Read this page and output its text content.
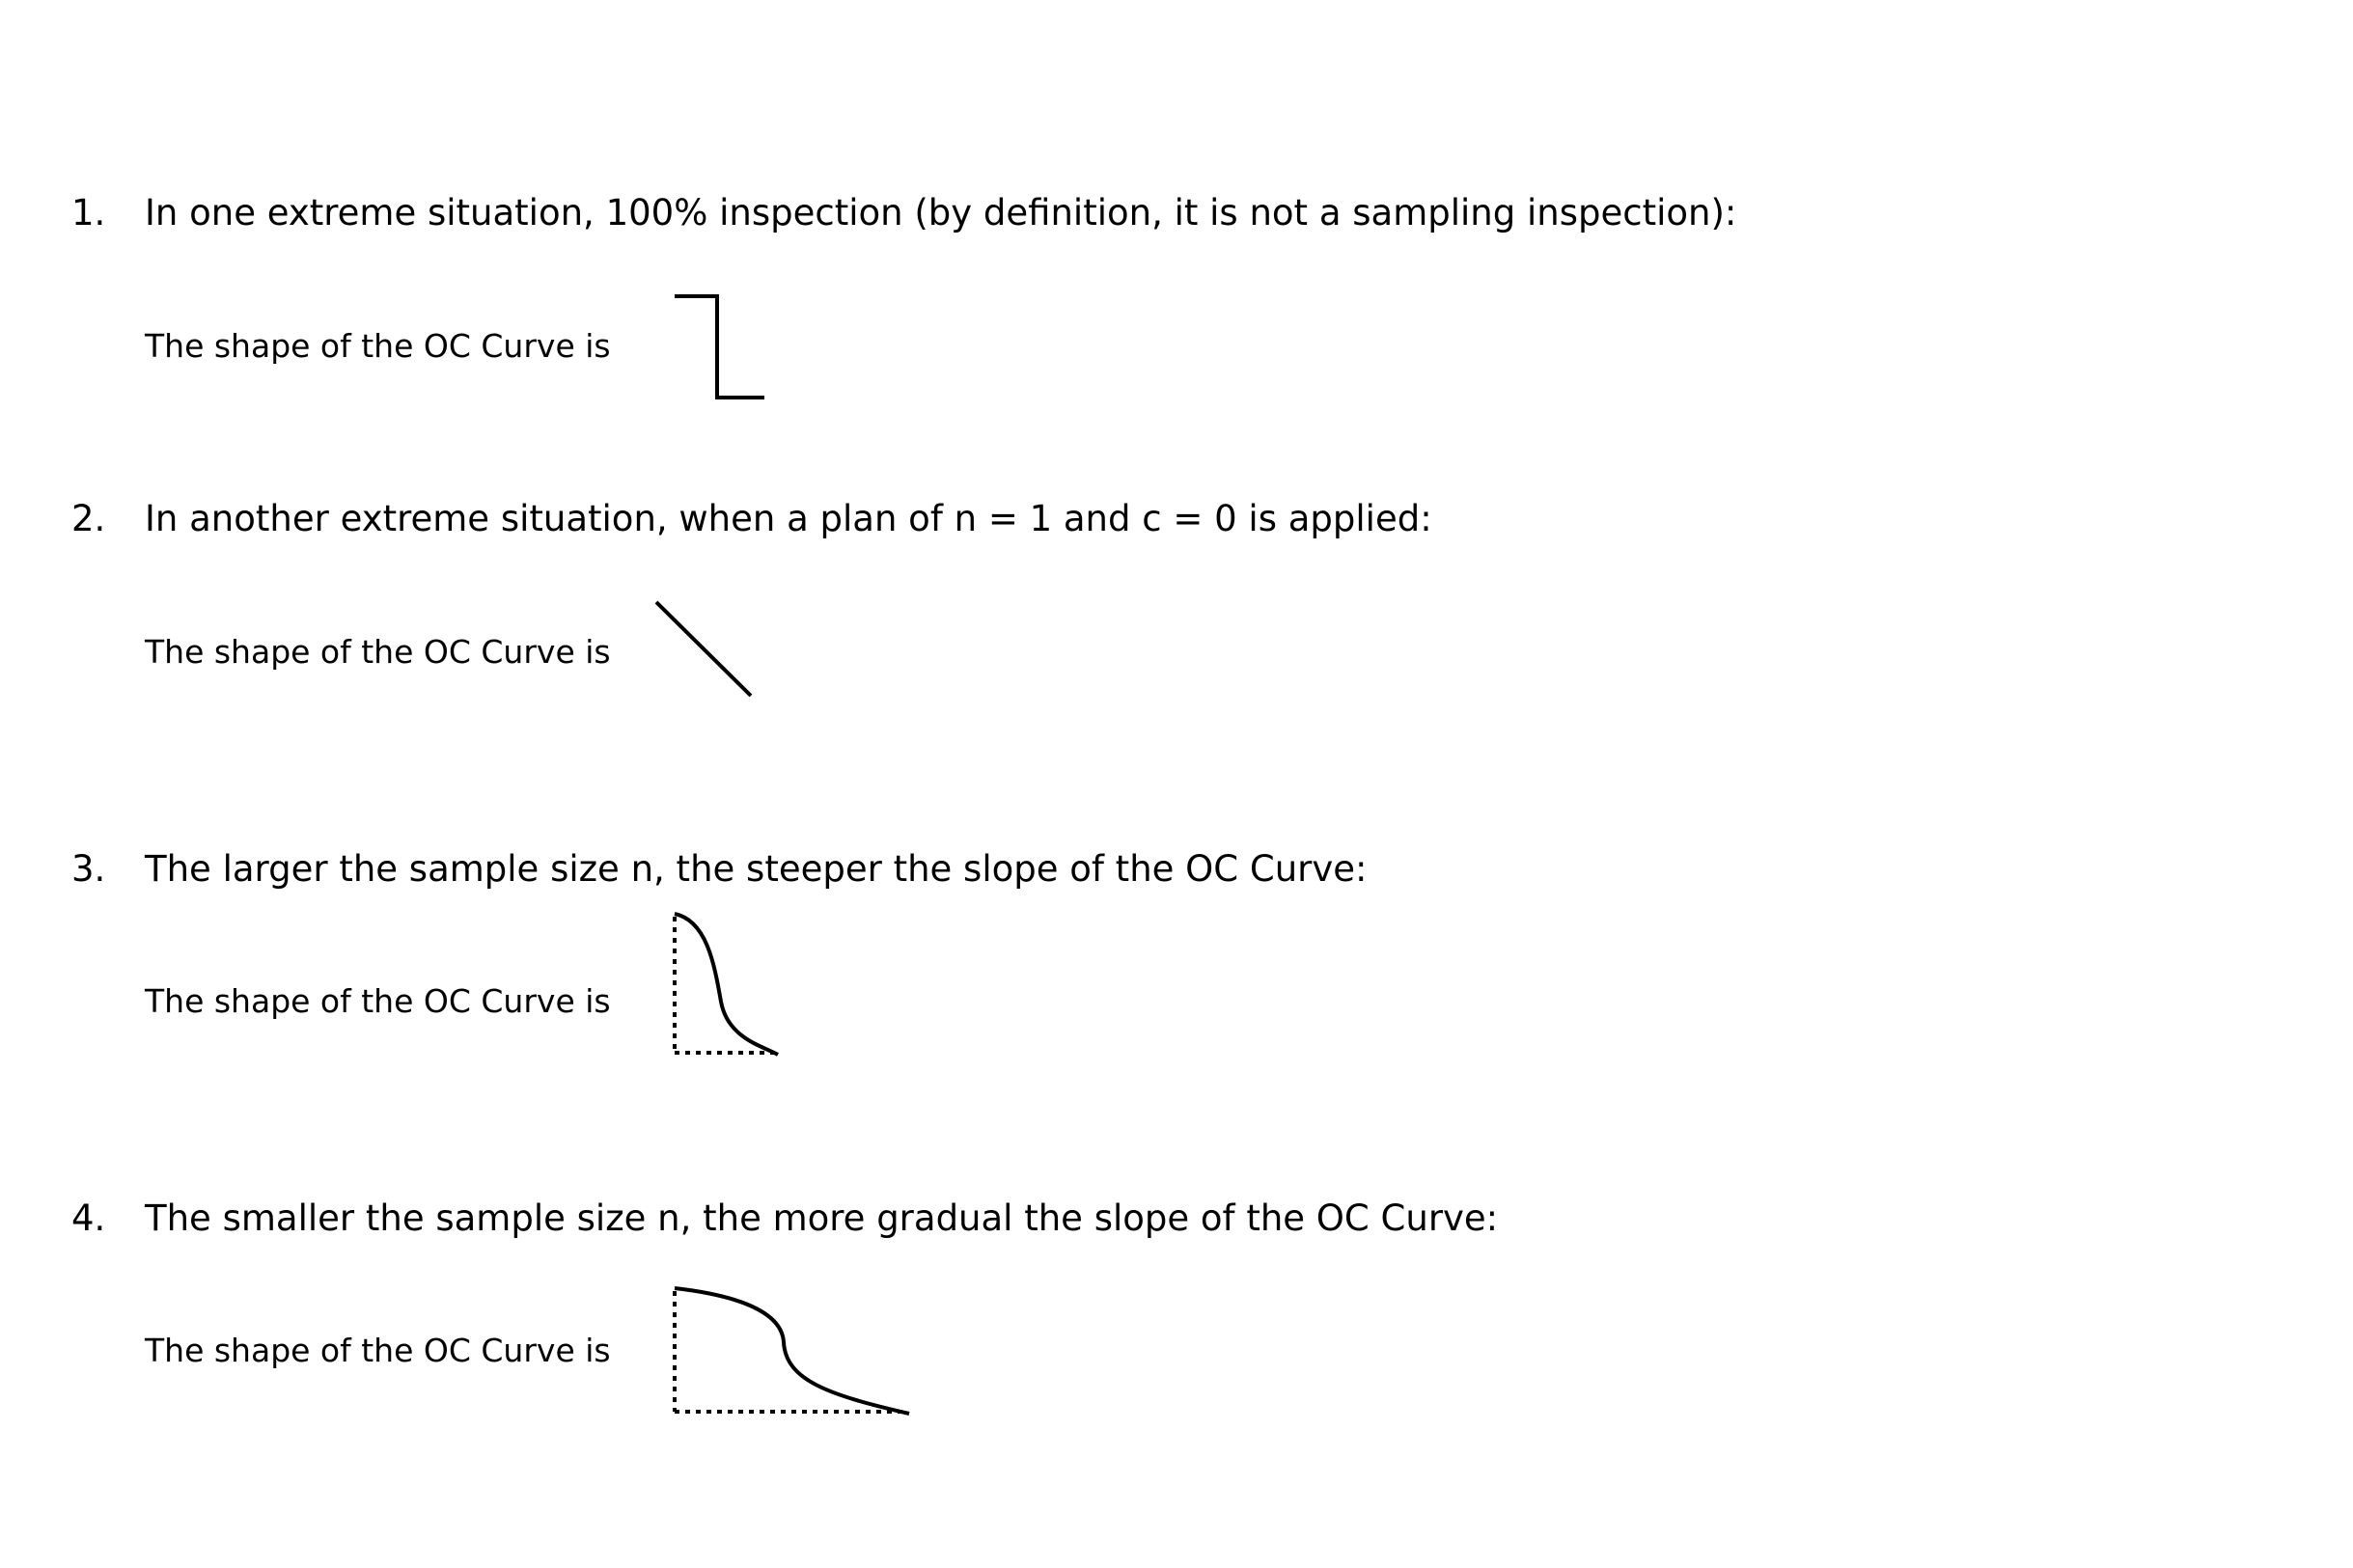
1. In one extreme situation, 100% inspection (by definition, it is not a sampling inspection):
The shape of the OC Curve is
2. In another extreme situation, when a plan of n = 1 and c = 0 is applied:
The shape of the OC Curve is
3. The larger the sample size n, the steeper the slope of the OC Curve:
The shape of the OC Curve is
4. The smaller the sample size n, the more gradual the slope of the OC Curve:
The shape of the OC Curve is
